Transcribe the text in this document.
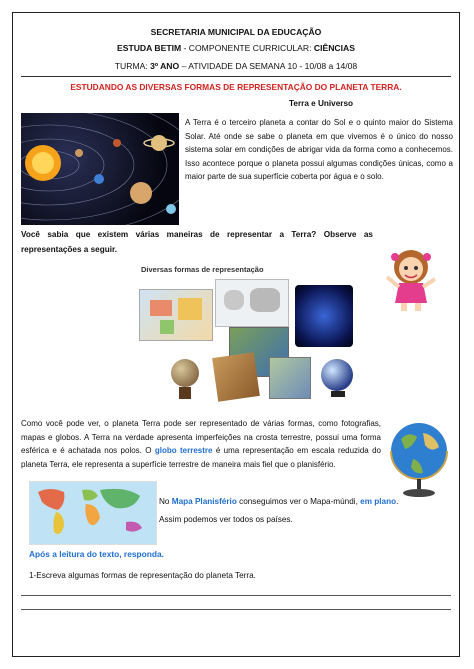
SECRETARIA MUNICIPAL DA EDUCAÇÃO
ESTUDA BETIM - COMPONENTE CURRICULAR: CIÊNCIAS
TURMA: 3º ANO – ATIVIDADE DA SEMANA 10 - 10/08 a 14/08
ESTUDANDO AS DIVERSAS FORMAS DE REPRESENTAÇÃO DO PLANETA TERRA.
Terra e Universo
A Terra é o terceiro planeta a contar do Sol e o quinto maior do Sistema Solar. Até onde se sabe o planeta em que vivemos é o único do nosso sistema solar em condições de abrigar vida da forma como a conhecemos. Isso acontece porque o planeta possui algumas condições únicas, como a maior parte de sua superfície coberta por água e o solo.
Você sabia que existem várias maneiras de representar a Terra? Observe as representações a seguir.
Diversas formas de representação
Como você pode ver, o planeta Terra pode ser representado de várias formas, como fotografias, mapas e globos. A Terra na verdade apresenta imperfeições na crosta terrestre, possui uma forma esférica e é achatada nos polos. O globo terrestre é uma representação em escala reduzida do planeta Terra, ele representa a superfície terrestre de maneira mais fiel que o planisfério.
No Mapa Planisfério conseguimos ver o Mapa-múndi, em plano.
Assim podemos ver todos os países.
Após a leitura do texto, responda.
1-Escreva algumas formas de representação do planeta Terra.
